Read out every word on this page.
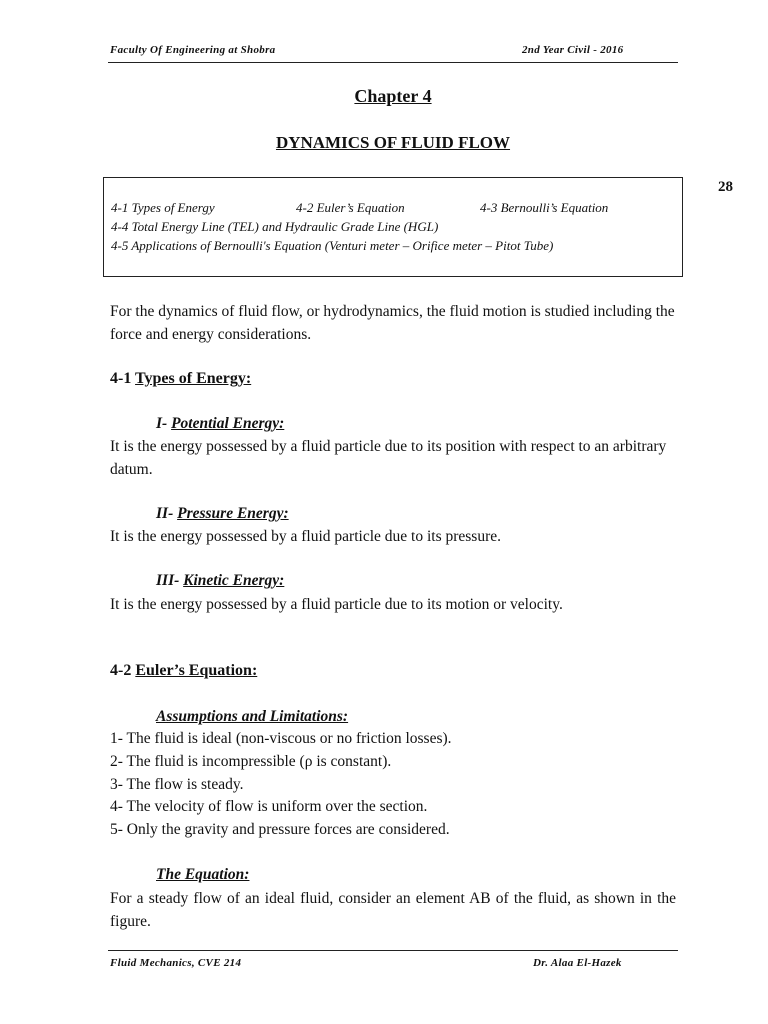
Faculty Of Engineering at Shobra	2nd Year Civil - 2016
Chapter 4
DYNAMICS OF FLUID FLOW
28
4-1 Types of Energy	4-2 Euler’s Equation	4-3 Bernoulli’s Equation
4-4 Total Energy Line (TEL) and Hydraulic Grade Line (HGL)
4-5 Applications of Bernoulli's Equation (Venturi meter – Orifice meter – Pitot Tube)
For the dynamics of fluid flow, or hydrodynamics, the fluid motion is studied including the force and energy considerations.
4-1 Types of Energy:
I- Potential Energy:
It is the energy possessed by a fluid particle due to its position with respect to an arbitrary datum.
II- Pressure Energy:
It is the energy possessed by a fluid particle due to its pressure.
III- Kinetic Energy:
It is the energy possessed by a fluid particle due to its motion or velocity.
4-2 Euler’s Equation:
Assumptions and Limitations:
1- The fluid is ideal (non-viscous or no friction losses).
2- The fluid is incompressible (ρ is constant).
3- The flow is steady.
4- The velocity of flow is uniform over the section.
5- Only the gravity and pressure forces are considered.
The Equation:
For a steady flow of an ideal fluid, consider an element AB of the fluid, as shown in the figure.
Fluid Mechanics, CVE 214	Dr. Alaa El-Hazek
